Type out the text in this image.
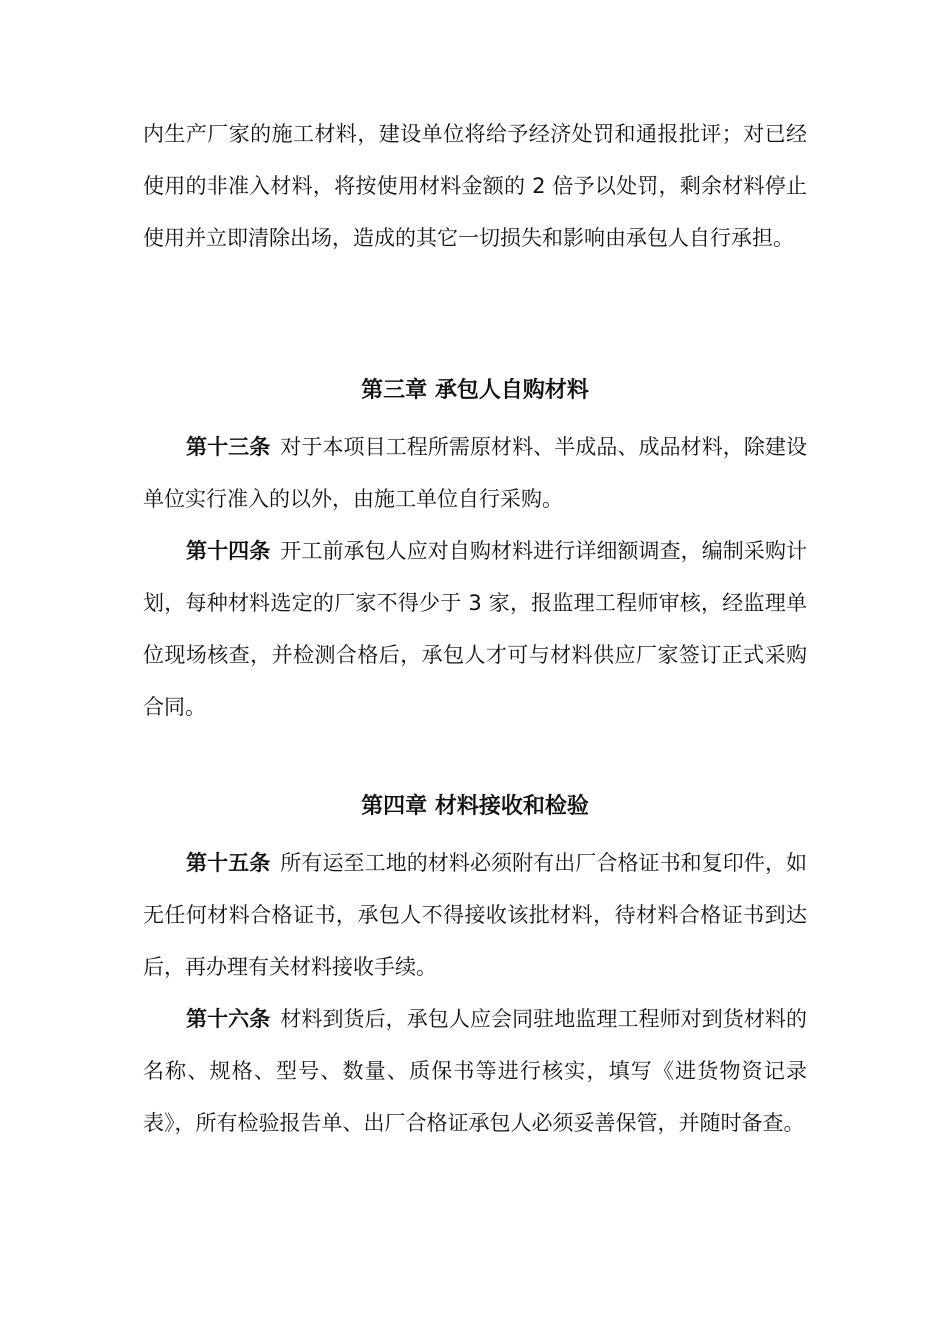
内生产厂家的施工材料，建设单位将给予经济处罚和通报批评；对已经使用的非准入材料，将按使用材料金额的 2 倍予以处罚，剩余材料停止使用并立即清除出场，造成的其它一切损失和影响由承包人自行承担。

第三章 承包人自购材料

第十三条 对于本项目工程所需原材料、半成品、成品材料，除建设单位实行准入的以外，由施工单位自行采购。

第十四条 开工前承包人应对自购材料进行详细额调查，编制采购计划，每种材料选定的厂家不得少于 3 家，报监理工程师审核，经监理单位现场核查，并检测合格后，承包人才可与材料供应厂家签订正式采购合同。

第四章 材料接收和检验

第十五条 所有运至工地的材料必须附有出厂合格证书和复印件，如无任何材料合格证书，承包人不得接收该批材料，待材料合格证书到达后，再办理有关材料接收手续。

第十六条 材料到货后，承包人应会同驻地监理工程师对到货材料的名称、规格、型号、数量、质保书等进行核实，填写《进货物资记录表》，所有检验报告单、出厂合格证承包人必须妥善保管，并随时备查。
